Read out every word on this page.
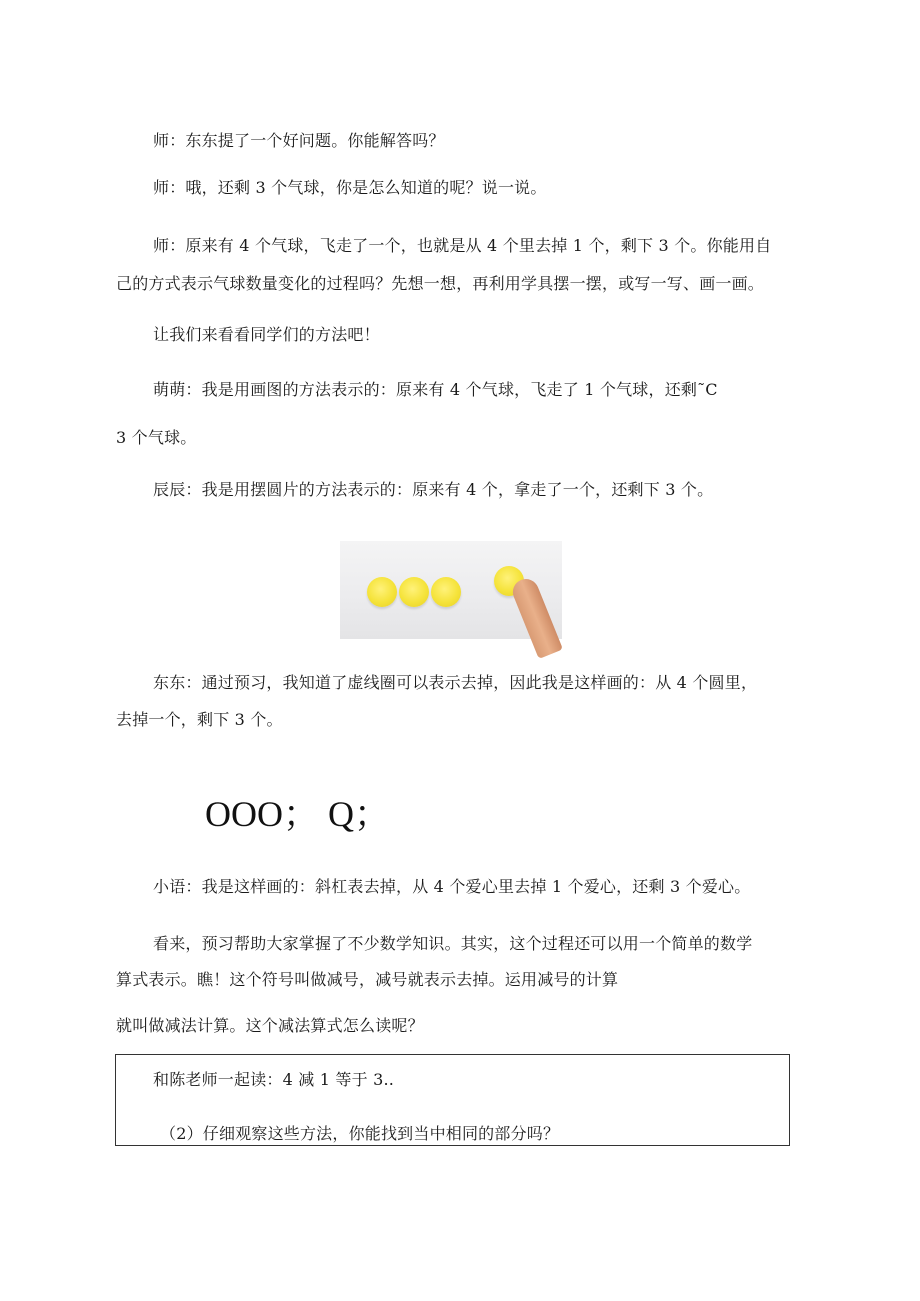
师：东东提了一个好问题。你能解答吗？
师：哦，还剩 3 个气球，你是怎么知道的呢？说一说。
师：原来有 4 个气球，飞走了一个，也就是从 4 个里去掉 1 个，剩下 3 个。你能用自
己的方式表示气球数量变化的过程吗？先想一想，再利用学具摆一摆，或写一写、画一画。
让我们来看看同学们的方法吧！
萌萌：我是用画图的方法表示的：原来有 4 个气球，飞走了 1 个气球，还剩˜C
3 个气球。
辰辰：我是用摆圆片的方法表示的：原来有 4 个，拿走了一个，还剩下 3 个。
东东：通过预习，我知道了虚线圈可以表示去掉，因此我是这样画的：从 4 个圆里，
去掉一个，剩下 3 个。
OOO； Q；
小语：我是这样画的：斜杠表去掉，从 4 个爱心里去掉 1 个爱心，还剩 3 个爱心。
看来，预习帮助大家掌握了不少数学知识。其实，这个过程还可以用一个简单的数学
算式表示。瞧！这个符号叫做减号，减号就表示去掉。运用减号的计算
就叫做减法计算。这个减法算式怎么读呢？
和陈老师一起读：4 减 1 等于 3..
（2）仔细观察这些方法，你能找到当中相同的部分吗？
